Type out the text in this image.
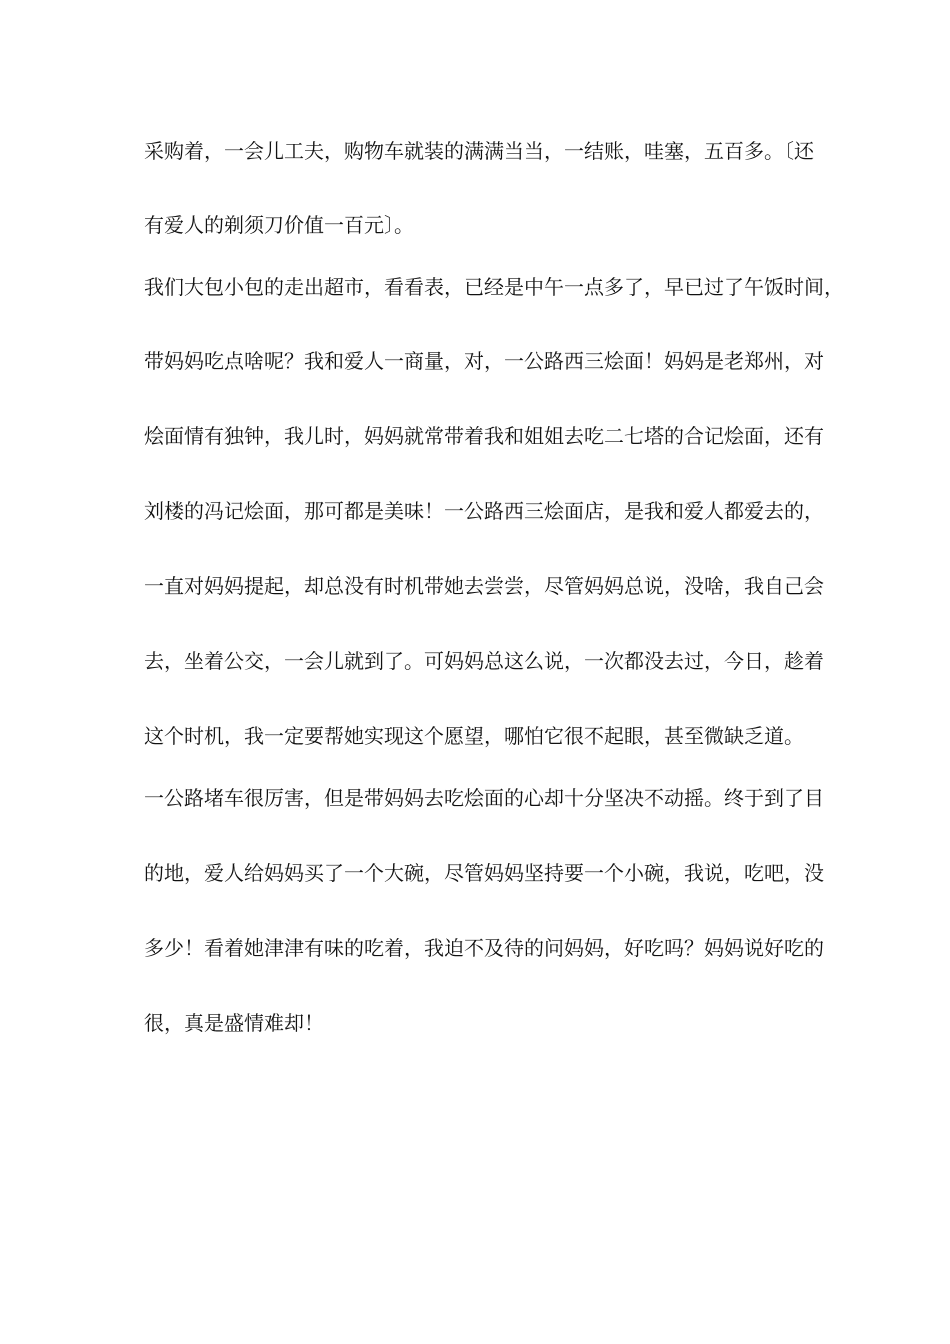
采购着，一会儿工夫，购物车就装的满满当当，一结账，哇塞，五百多。〔还
有爱人的剃须刀价值一百元〕。
我们大包小包的走出超市，看看表，已经是中午一点多了，早已过了午饭时间，
带妈妈吃点啥呢？我和爱人一商量，对，一公路西三烩面！妈妈是老郑州，对
烩面情有独钟，我儿时，妈妈就常带着我和姐姐去吃二七塔的合记烩面，还有
刘楼的冯记烩面，那可都是美味！一公路西三烩面店，是我和爱人都爱去的，
一直对妈妈提起，却总没有时机带她去尝尝，尽管妈妈总说，没啥，我自己会
去，坐着公交，一会儿就到了。可妈妈总这么说，一次都没去过，今日，趁着
这个时机，我一定要帮她实现这个愿望，哪怕它很不起眼，甚至微缺乏道。
一公路堵车很厉害，但是带妈妈去吃烩面的心却十分坚决不动摇。终于到了目
的地，爱人给妈妈买了一个大碗，尽管妈妈坚持要一个小碗，我说，吃吧，没
多少！看着她津津有味的吃着，我迫不及待的问妈妈，好吃吗？妈妈说好吃的
很，真是盛情难却！
